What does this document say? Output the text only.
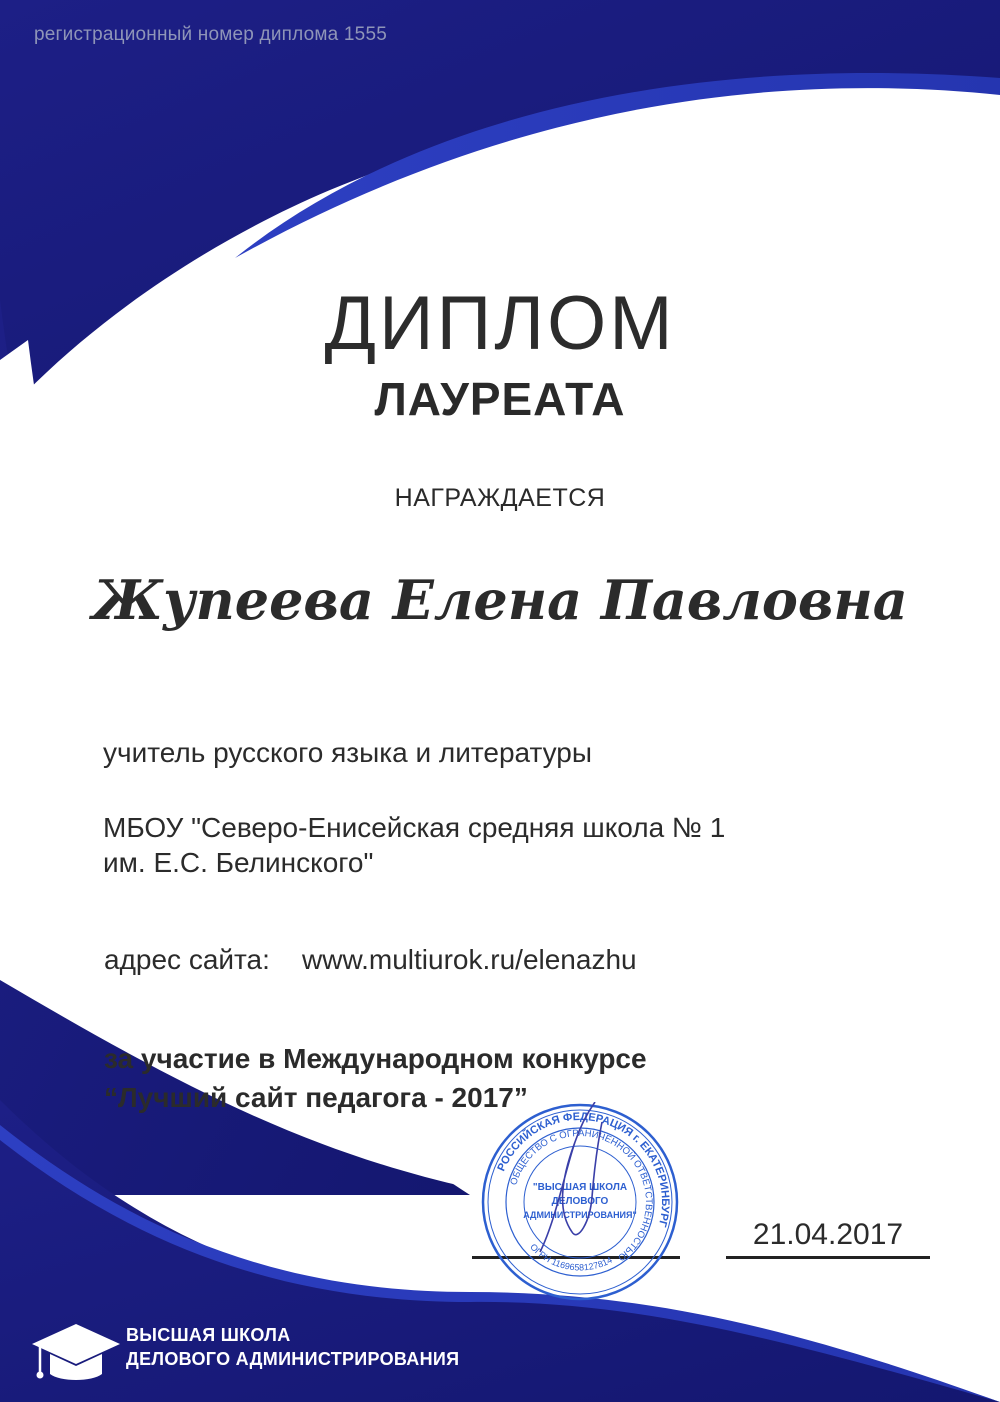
регистрационный номер диплома 1555
ДИПЛОМ
ЛАУРЕАТА
НАГРАЖДАЕТСЯ
Жупеева Елена Павловна
учитель русского языка и литературы
МБОУ "Северо-Енисейская средняя школа № 1
им. Е.С. Белинского"
адрес сайта: www.multiurok.ru/elenazhu
за участие в Международном конкурсе
“Лучший сайт педагога - 2017”
21.04.2017
РОССИЙСКАЯ ФЕДЕРАЦИЯ г. ЕКАТЕРИНБУРГ
ОБЩЕСТВО С ОГРАНИЧЕННОЙ ОТВЕТСТВЕННОСТЬЮ
ОГРН 1169658127814
"ВЫСШАЯ ШКОЛА
ДЕЛОВОГО
АДМИНИСТРИРОВАНИЯ"
ВЫСШАЯ ШКОЛА
ДЕЛОВОГО АДМИНИСТРИРОВАНИЯ
